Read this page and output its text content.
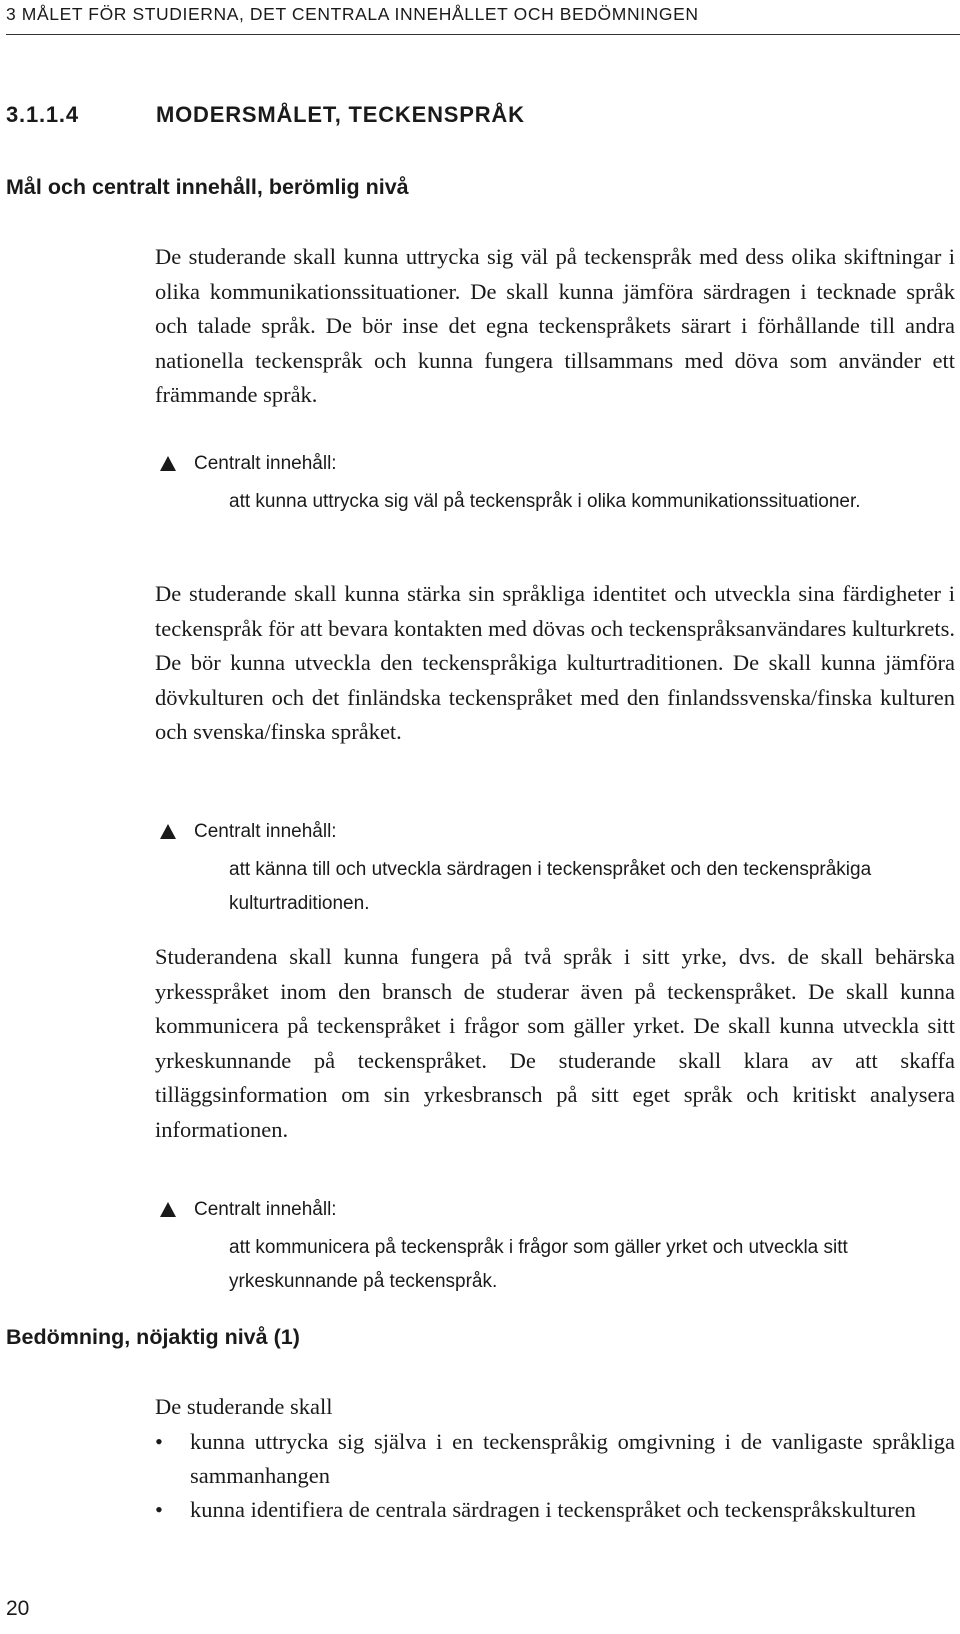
3 MÅLET FÖR STUDIERNA, DET CENTRALA INNEHÅLLET OCH BEDÖMNINGEN
3.1.1.4	MODERSMÅLET, TECKENSPRÅK
Mål och centralt innehåll, berömlig nivå

De studerande skall kunna uttrycka sig väl på teckenspråk med dess olika skiftningar i olika kommunikationssituationer. De skall kunna jämföra särdragen i tecknade språk och talade språk. De bör inse det egna teckenspråkets särart i förhållande till andra nationella teckenspråk och kunna fungera tillsammans med döva som använder ett främmande språk.

Centralt innehåll:
att kunna uttrycka sig väl på teckenspråk i olika kommunikationssituationer.

De studerande skall kunna stärka sin språkliga identitet och utveckla sina färdigheter i teckenspråk för att bevara kontakten med dövas och teckenspråksanvändares kulturkrets. De bör kunna utveckla den teckenspråkiga kulturtraditionen. De skall kunna jämföra dövkulturen och det finländska teckenspråket med den finlandssvenska/finska kulturen och svenska/finska språket.

Centralt innehåll:
att känna till och utveckla särdragen i teckenspråket och den teckenspråkiga kulturtraditionen.

Studerandena skall kunna fungera på två språk i sitt yrke, dvs. de skall behärska yrkesspråket inom den bransch de studerar även på teckenspråket. De skall kunna kommunicera på teckenspråket i frågor som gäller yrket. De skall kunna utveckla sitt yrkeskunnande på teckenspråket. De studerande skall klara av att skaffa tilläggsinformation om sin yrkesbransch på sitt eget språk och kritiskt analysera informationen.

Centralt innehåll:
att kommunicera på teckenspråk i frågor som gäller yrket och utveckla sitt yrkeskunnande på teckenspråk.
Bedömning, nöjaktig nivå (1)

De studerande skall

• kunna uttrycka sig själva i en teckenspråkig omgivning i de vanligaste språkliga sammanhangen
• kunna identifiera de centrala särdragen i teckenspråket och teckenspråkskulturen
20
